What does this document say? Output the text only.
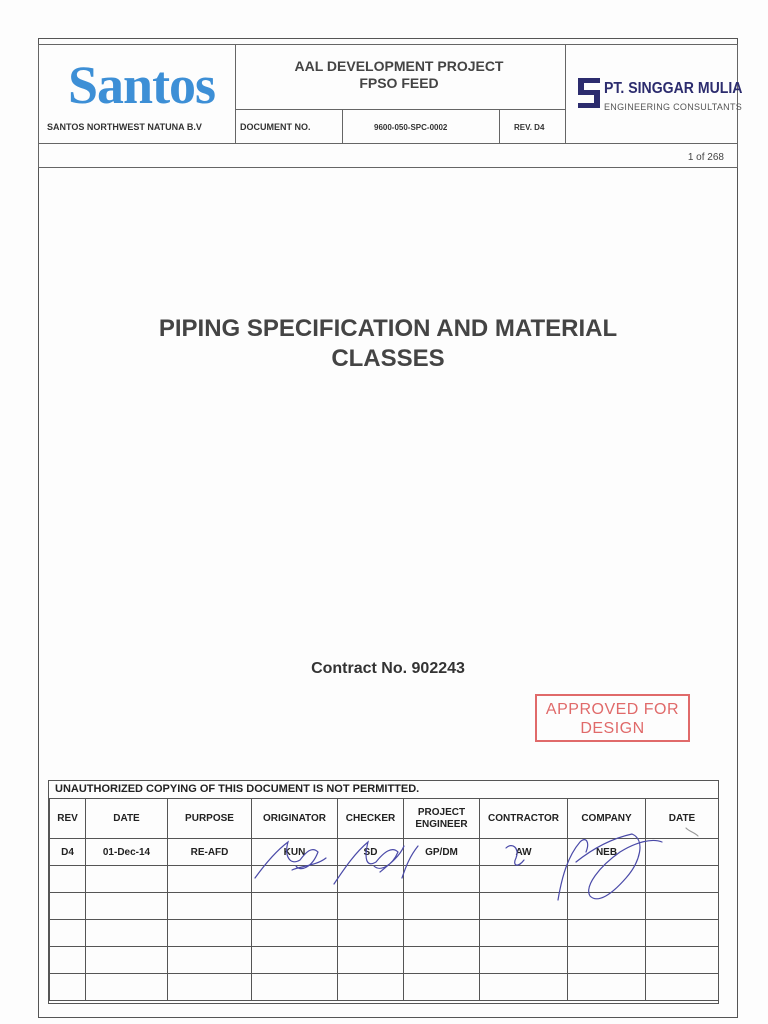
Santos
SANTOS NORTHWEST NATUNA B.V
AAL DEVELOPMENT PROJECT
FPSO FEED
DOCUMENT NO.	9600-050-SPC-0002	REV. D4
PT. SINGGAR MULIA
ENGINEERING CONSULTANTS
1 of 268
PIPING SPECIFICATION AND MATERIAL
CLASSES
Contract No. 902243
APPROVED FOR
DESIGN
UNAUTHORIZED COPYING OF THIS DOCUMENT IS NOT PERMITTED.
REV	DATE	PURPOSE	ORIGINATOR	CHECKER	PROJECT ENGINEER	CONTRACTOR	COMPANY	DATE
D4	01-Dec-14	RE-AFD	KUN	SD	GP/DM	AW	NEB	
